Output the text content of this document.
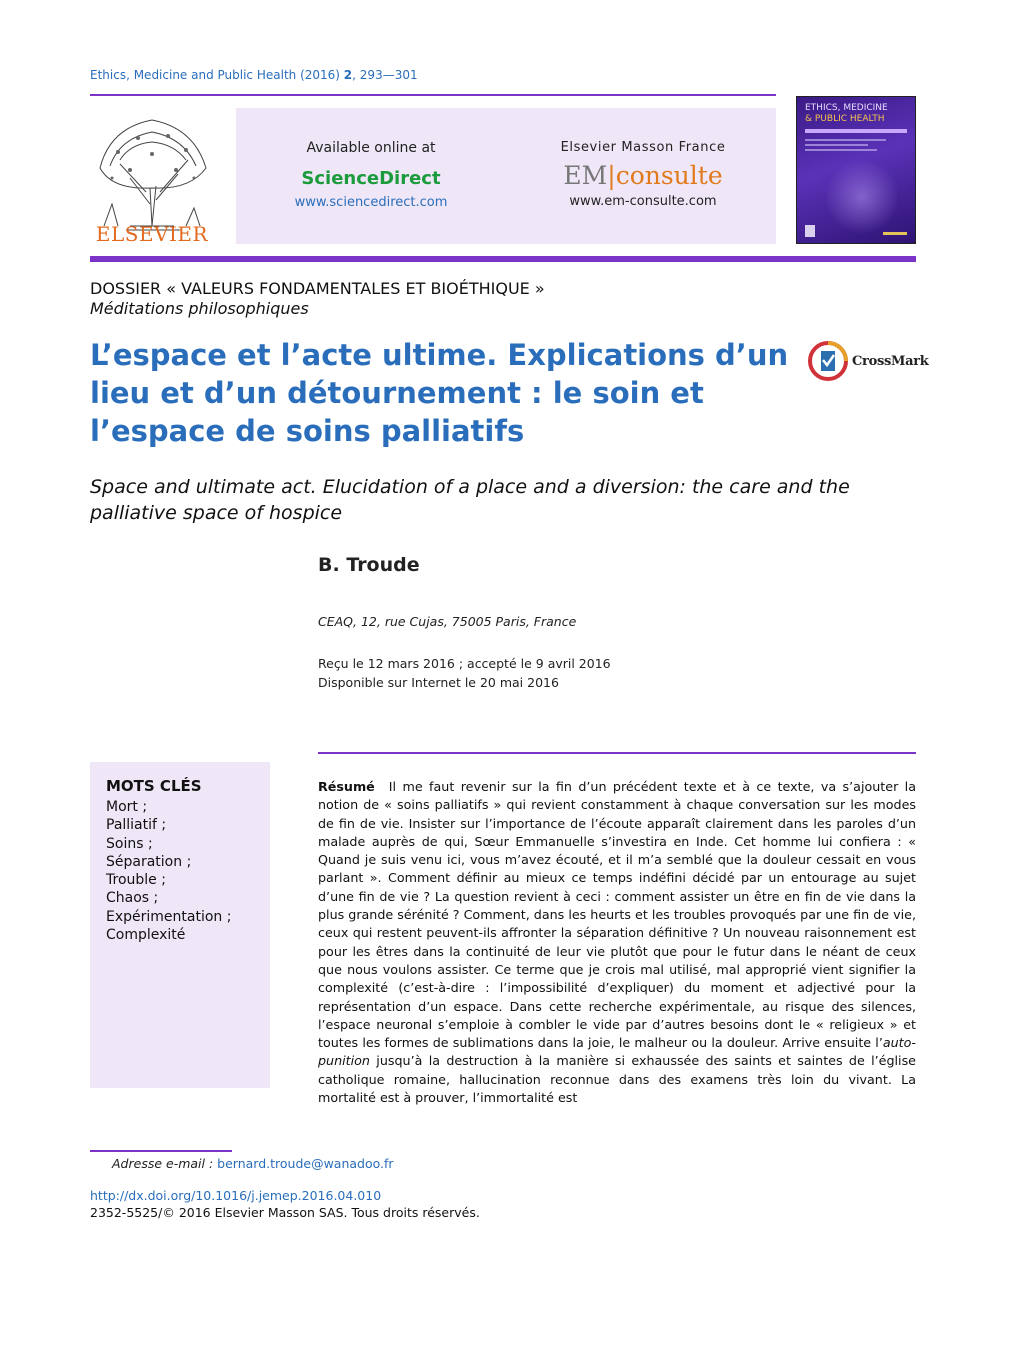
Ethics, Medicine and Public Health (2016) 2, 293—301
ELSEVIER
Available online at
ScienceDirect
www.sciencedirect.com
Elsevier Masson France
EM|consulte
www.em-consulte.com
ETHICS, MEDICINE
& PUBLIC HEALTH
DOSSIER « VALEURS FONDAMENTALES ET BIOÉTHIQUE »
Méditations philosophiques
L’espace et l’acte ultime. Explications d’un lieu et d’un détournement : le soin et l’espace de soins palliatifs
CrossMark
Space and ultimate act. Elucidation of a place and a diversion: the care and the palliative space of hospice
B. Troude
CEAQ, 12, rue Cujas, 75005 Paris, France
Reçu le 12 mars 2016 ; accepté le 9 avril 2016
Disponible sur Internet le 20 mai 2016
MOTS CLÉS
Mort ;
Palliatif ;
Soins ;
Séparation ;
Trouble ;
Chaos ;
Expérimentation ;
Complexité
Résumé Il me faut revenir sur la fin d’un précédent texte et à ce texte, va s’ajouter la notion de « soins palliatifs » qui revient constamment à chaque conversation sur les modes de fin de vie. Insister sur l’importance de l’écoute apparaît clairement dans les paroles d’un malade auprès de qui, Sœur Emmanuelle s’investira en Inde. Cet homme lui confiera : « Quand je suis venu ici, vous m’avez écouté, et il m’a semblé que la douleur cessait en vous parlant ». Comment définir au mieux ce temps indéfini décidé par un entourage au sujet d’une fin de vie ? La question revient à ceci : comment assister un être en fin de vie dans la plus grande sérénité ? Comment, dans les heurts et les troubles provoqués par une fin de vie, ceux qui restent peuvent-ils affronter la séparation définitive ? Un nouveau raisonnement est pour les êtres dans la continuité de leur vie plutôt que pour le futur dans le néant de ceux que nous voulons assister. Ce terme que je crois mal utilisé, mal approprié vient signifier la complexité (c’est-à-dire : l’impossibilité d’expliquer) du moment et adjectivé pour la représentation d’un espace. Dans cette recherche expérimentale, au risque des silences, l’espace neuronal s’emploie à combler le vide par d’autres besoins dont le « religieux » et toutes les formes de sublimations dans la joie, le malheur ou la douleur. Arrive ensuite l’auto-punition jusqu’à la destruction à la manière si exhaussée des saints et saintes de l’église catholique romaine, hallucination reconnue dans des examens très loin du vivant. La mortalité est à prouver, l’immortalité est
Adresse e-mail : bernard.troude@wanadoo.fr
http://dx.doi.org/10.1016/j.jemep.2016.04.010
2352-5525/© 2016 Elsevier Masson SAS. Tous droits réservés.
